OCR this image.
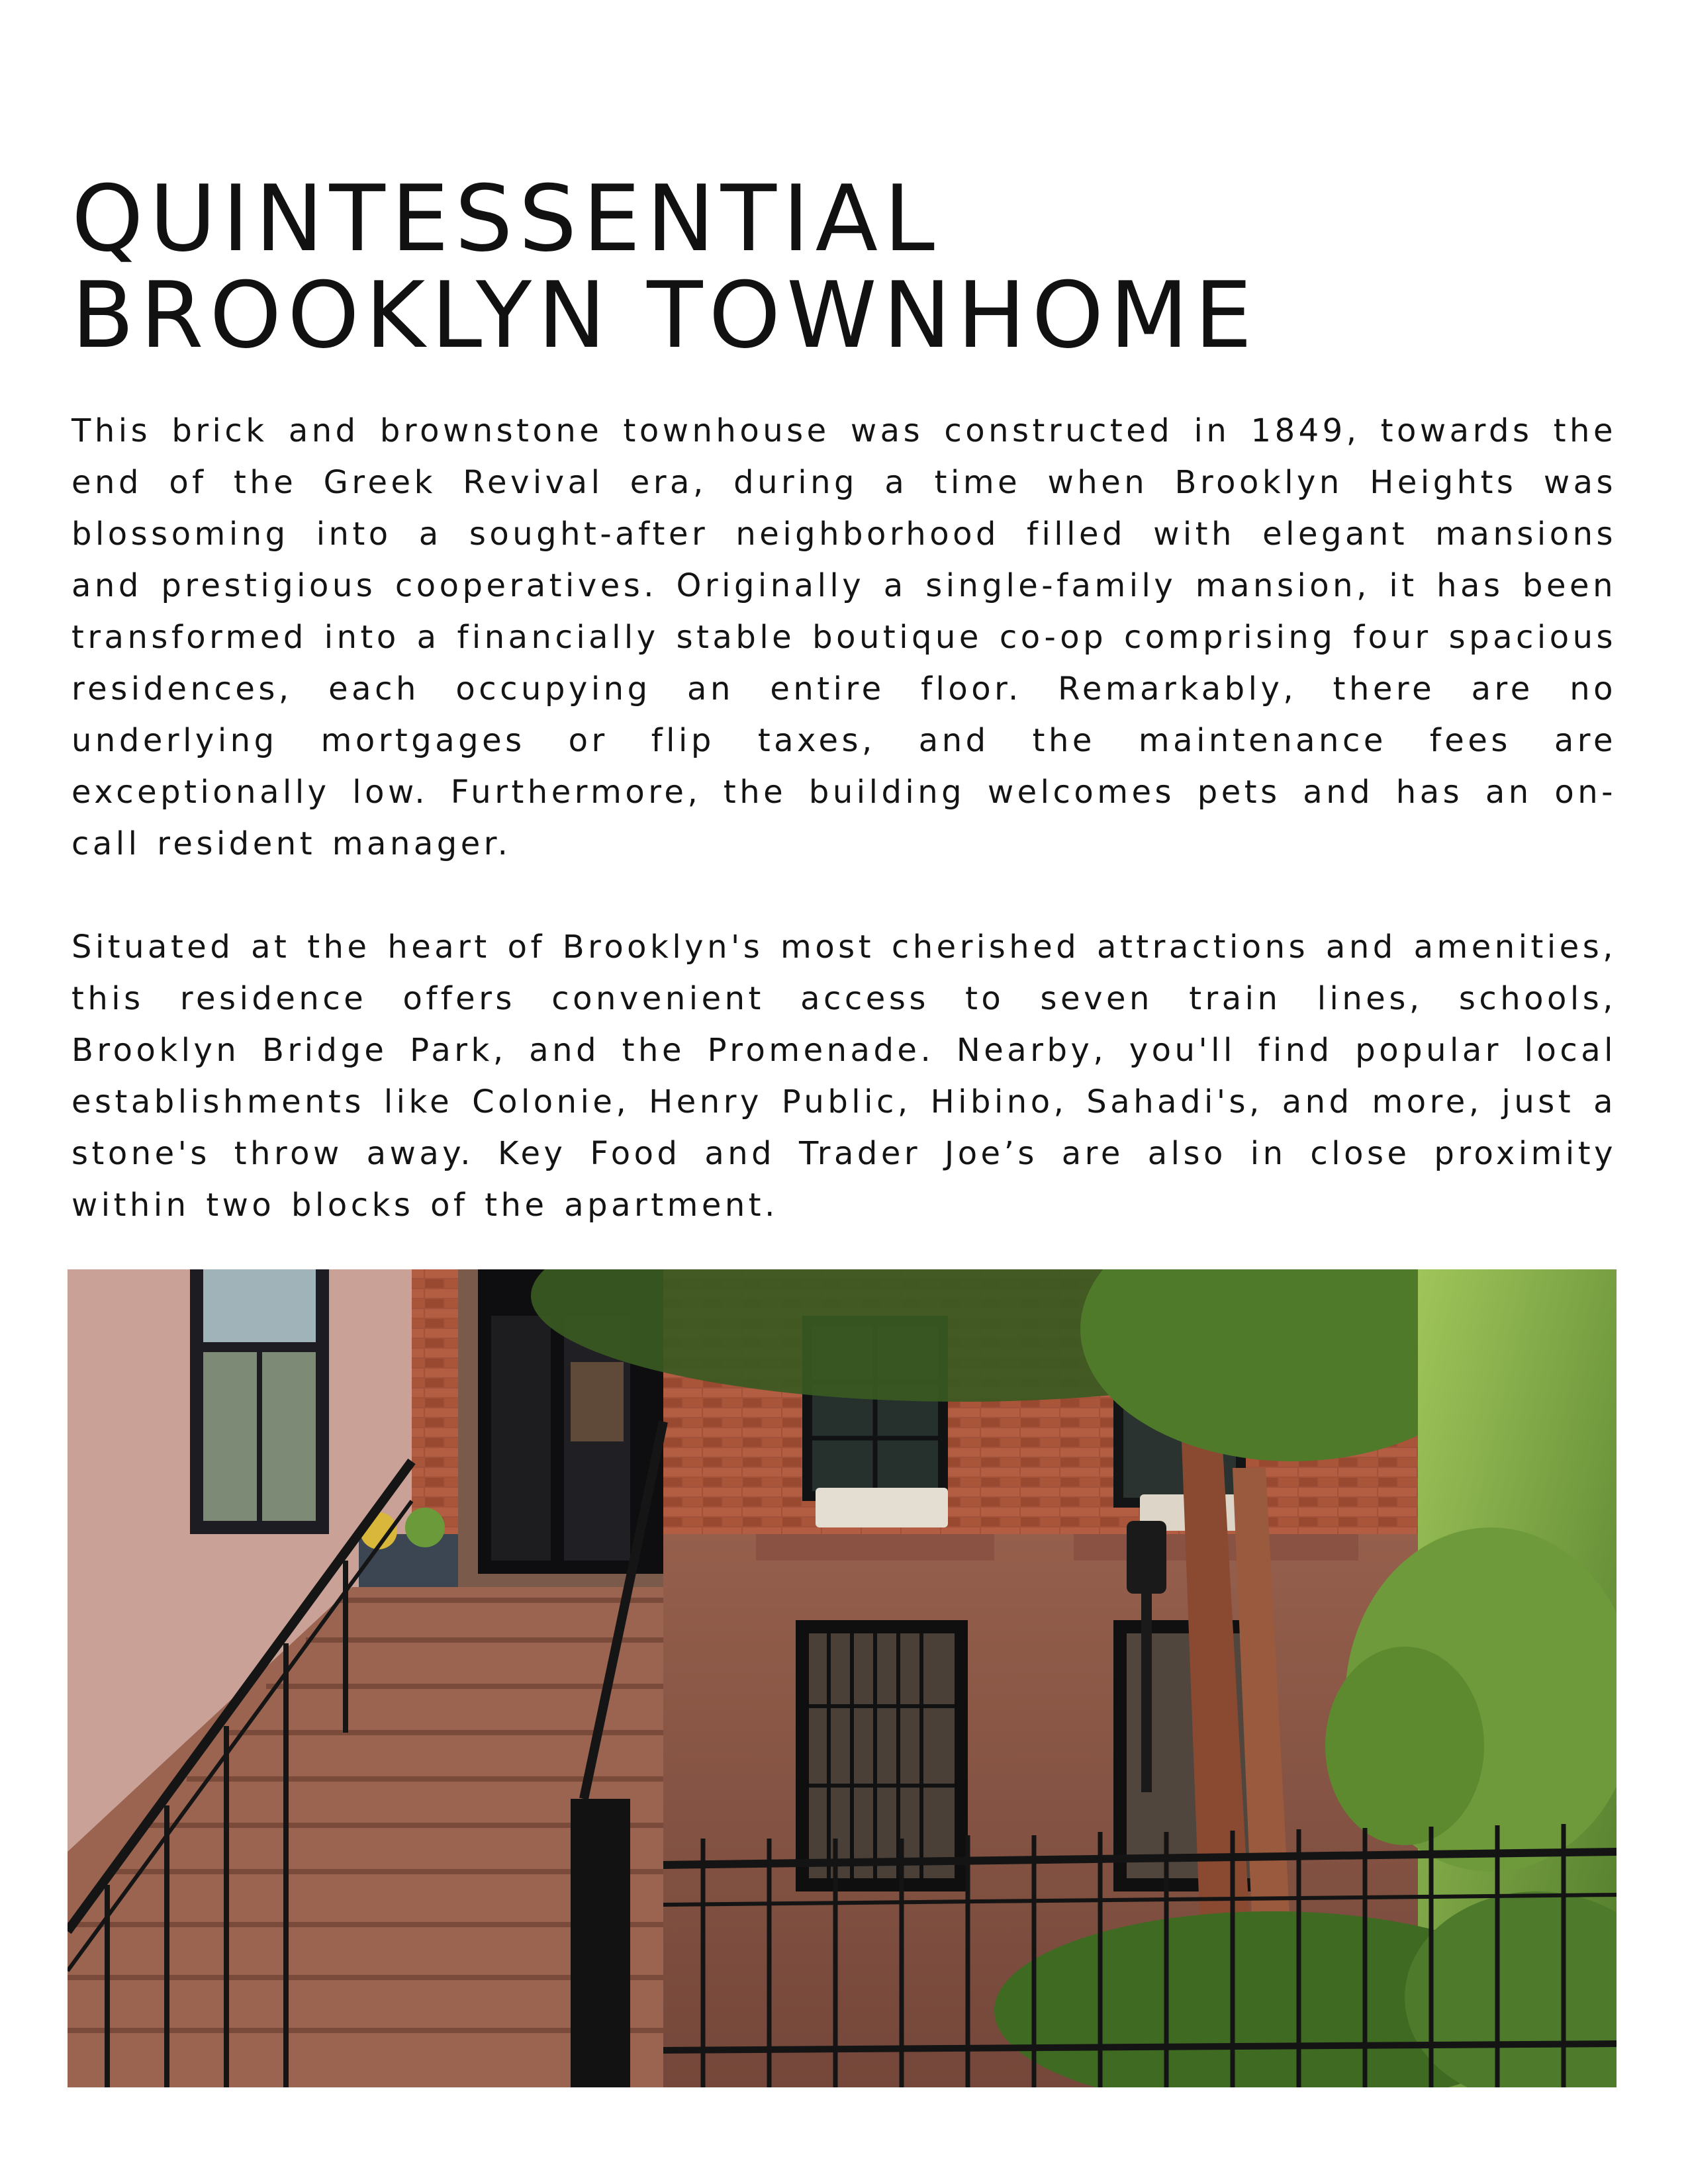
QUINTESSENTIAL
BROOKLYN TOWNHOME

This brick and brownstone townhouse was constructed in 1849, towards the end of the Greek Revival era, during a time when Brooklyn Heights was blossoming into a sought-after neighborhood filled with elegant mansions and prestigious cooperatives. Originally a single-family mansion, it has been transformed into a financially stable boutique co-op comprising four spacious residences, each occupying an entire floor. Remarkably, there are no underlying mortgages or flip taxes, and the maintenance fees are exceptionally low. Furthermore, the building welcomes pets and has an on-call resident manager.

Situated at the heart of Brooklyn's most cherished attractions and amenities, this residence offers convenient access to seven train lines, schools, Brooklyn Bridge Park, and the Promenade. Nearby, you'll find popular local establishments like Colonie, Henry Public, Hibino, Sahadi's, and more, just a stone's throw away. Key Food and Trader Joe’s are also in close proximity within two blocks of the apartment.
